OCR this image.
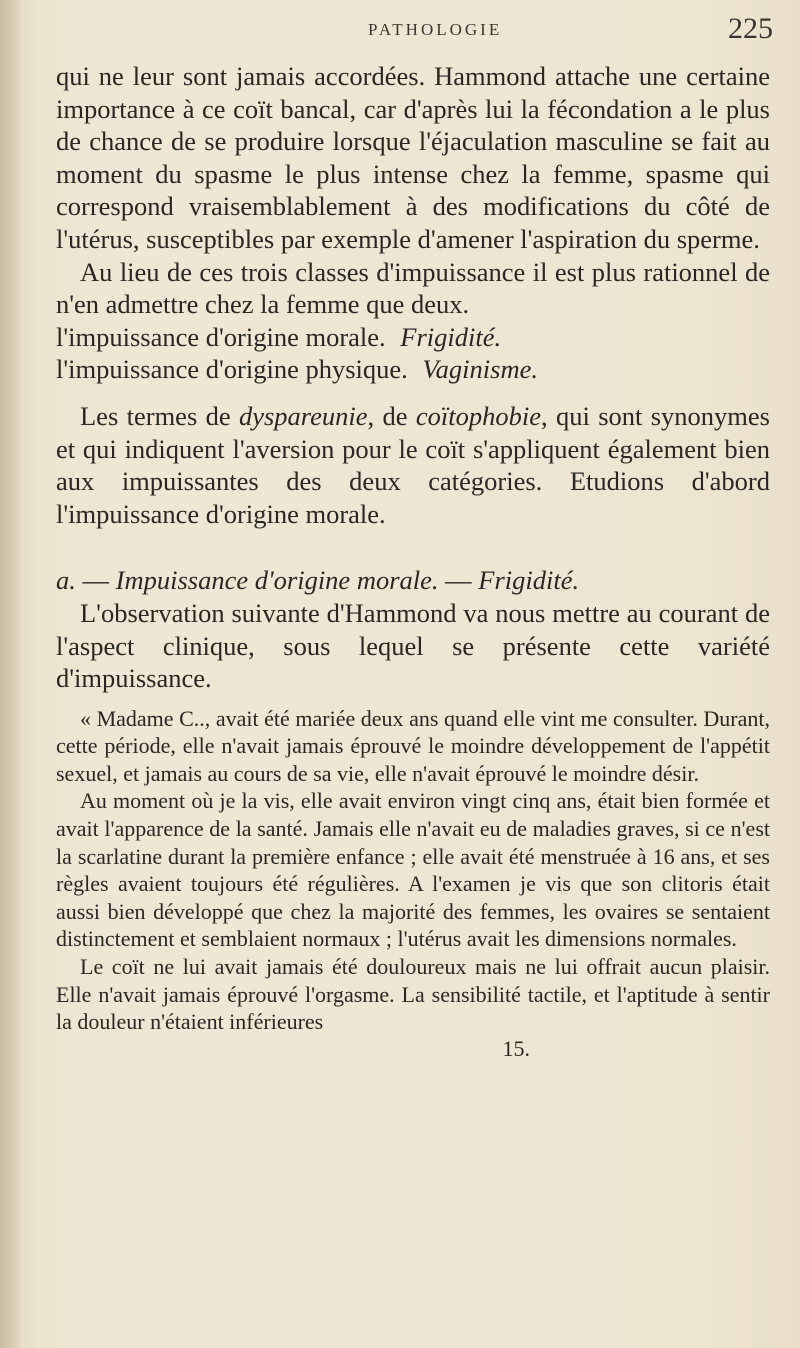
PATHOLOGIE	225

qui ne leur sont jamais accordées. Hammond attache une certaine importance à ce coït bancal, car d'après lui la fécondation a le plus de chance de se produire lorsque l'éjaculation masculine se fait au moment du spasme le plus intense chez la femme, spasme qui correspond vraisemblablement à des modifications du côté de l'utérus, susceptibles par exemple d'amener l'aspiration du sperme.

Au lieu de ces trois classes d'impuissance il est plus rationnel de n'en admettre chez la femme que deux.

l'impuissance d'origine morale. Frigidité.

l'impuissance d'origine physique. Vaginisme.

Les termes de dyspareunie, de coïtophobie, qui sont synonymes et qui indiquent l'aversion pour le coït s'appliquent également bien aux impuissantes des deux catégories. Etudions d'abord l'impuissance d'origine morale.

a. — Impuissance d'origine morale. — Frigidité.

L'observation suivante d'Hammond va nous mettre au courant de l'aspect clinique, sous lequel se présente cette variété d'impuissance.

« Madame C.., avait été mariée deux ans quand elle vint me consulter. Durant, cette période, elle n'avait jamais éprouvé le moindre développement de l'appétit sexuel, et jamais au cours de sa vie, elle n'avait éprouvé le moindre désir.

Au moment où je la vis, elle avait environ vingt cinq ans, était bien formée et avait l'apparence de la santé. Jamais elle n'avait eu de maladies graves, si ce n'est la scarlatine durant la première enfance ; elle avait été menstruée à 16 ans, et ses règles avaient toujours été régulières. A l'examen je vis que son clitoris était aussi bien développé que chez la majorité des femmes, les ovaires se sentaient distinctement et semblaient normaux ; l'utérus avait les dimensions normales.

Le coït ne lui avait jamais été douloureux mais ne lui offrait aucun plaisir. Elle n'avait jamais éprouvé l'orgasme. La sensibilité tactile, et l'aptitude à sentir la douleur n'étaient inférieures

15.
